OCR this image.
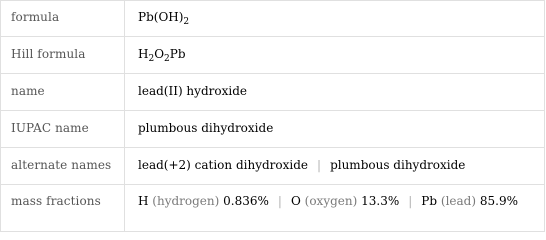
formula	$Pb(OH)_2$
Hill formula	$H_2O_2Pb$
name	lead(II) hydroxide
IUPAC name	plumbous dihydroxide
alternate names	lead(+2) cation dihydroxide | plumbous dihydroxide
mass fractions	H (hydrogen) 0.836% | O (oxygen) 13.3% | Pb (lead) 85.9%
